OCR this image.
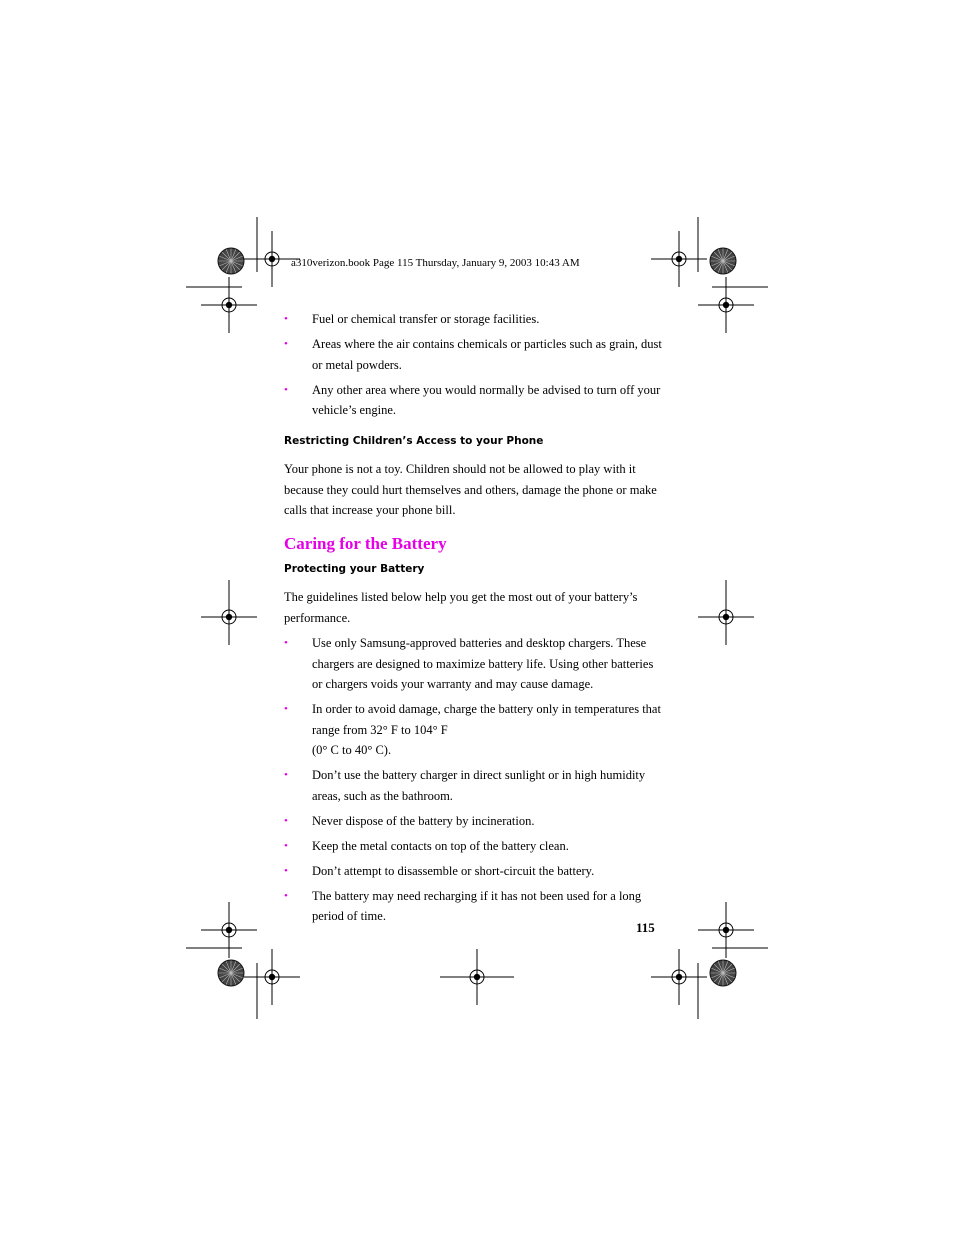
a310verizon.book Page 115 Thursday, January 9, 2003 10:43 AM
• Fuel or chemical transfer or storage facilities.
• Areas where the air contains chemicals or particles such as grain, dust or metal powders.
• Any other area where you would normally be advised to turn off your vehicle’s engine.
Restricting Children’s Access to your Phone

Your phone is not a toy. Children should not be allowed to play with it because they could hurt themselves and others, damage the phone or make calls that increase your phone bill.

Caring for the Battery
Protecting your Battery

The guidelines listed below help you get the most out of your battery’s performance.

• Use only Samsung-approved batteries and desktop chargers. These chargers are designed to maximize battery life. Using other batteries or chargers voids your warranty and may cause damage.
• In order to avoid damage, charge the battery only in temperatures that range from 32° F to 104° F
(0° C to 40° C).
• Don’t use the battery charger in direct sunlight or in high humidity areas, such as the bathroom.
• Never dispose of the battery by incineration.
• Keep the metal contacts on top of the battery clean.
• Don’t attempt to disassemble or short-circuit the battery.
• The battery may need recharging if it has not been used for a long period of time.
115
